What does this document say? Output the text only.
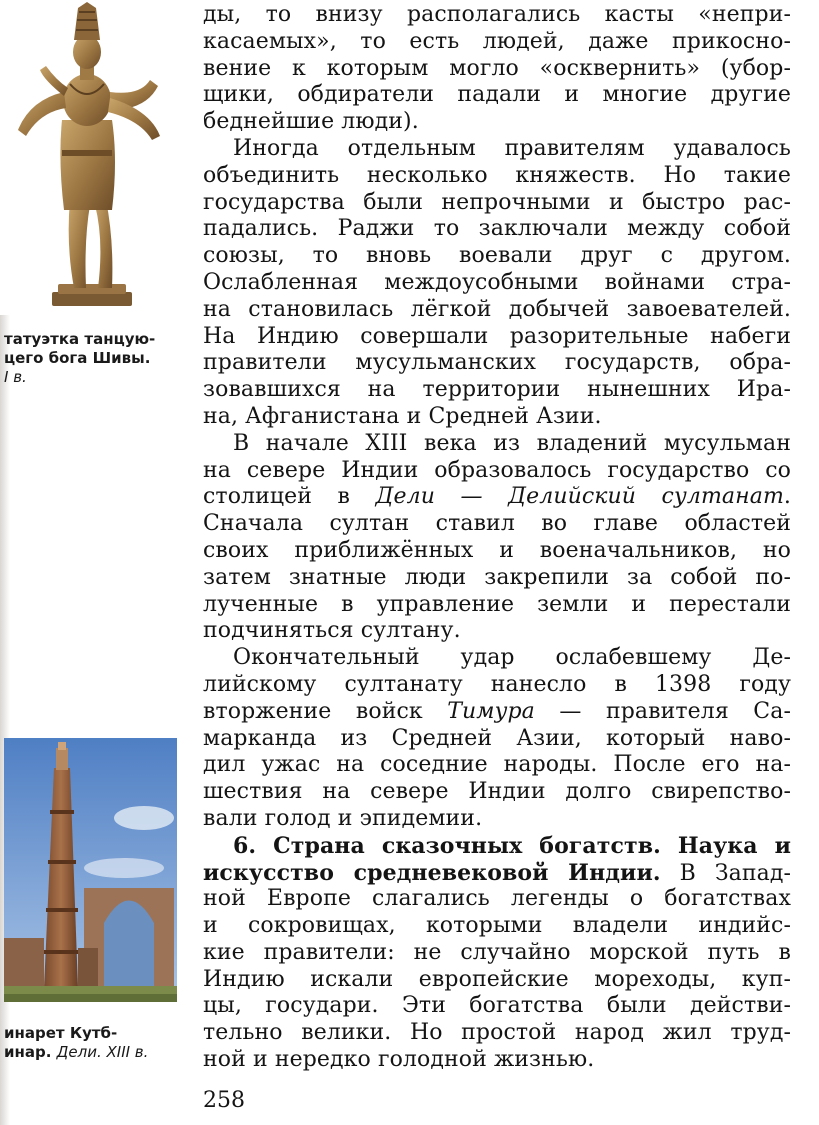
татуэтка танцую-
цего бога Шивы.
I в.
инарет Кутб-
инар. Дели. XIII в.
ды, то внизу располагались касты «непри-
касаемых», то есть людей, даже прикосно-
вение к которым могло «осквернить» (убор-
щики, обдиратели падали и многие другие
беднейшие люди).
Иногда отдельным правителям удавалось
объединить несколько княжеств. Но такие
государства были непрочными и быстро рас-
падались. Раджи то заключали между собой
союзы, то вновь воевали друг с другом.
Ослабленная междоусобными войнами стра-
на становилась лёгкой добычей завоевателей.
На Индию совершали разорительные набеги
правители мусульманских государств, обра-
зовавшихся на территории нынешних Ира-
на, Афганистана и Средней Азии.
В начале XIII века из владений мусульман
на севере Индии образовалось государство со
столицей в Дели — Делийский султанат.
Сначала султан ставил во главе областей
своих приближённых и военачальников, но
затем знатные люди закрепили за собой по-
лученные в управление земли и перестали
подчиняться султану.
Окончательный удар ослабевшему Де-
лийскому султанату нанесло в 1398 году
вторжение войск Тимура — правителя Са-
марканда из Средней Азии, который наво-
дил ужас на соседние народы. После его на-
шествия на севере Индии долго свирепство-
вали голод и эпидемии.
6. Страна сказочных богатств. Наука и
искусство средневековой Индии. В Запад-
ной Европе слагались легенды о богатствах
и сокровищах, которыми владели индийс-
кие правители: не случайно морской путь в
Индию искали европейские мореходы, куп-
цы, государи. Эти богатства были действи-
тельно велики. Но простой народ жил труд-
ной и нередко голодной жизнью.
258
